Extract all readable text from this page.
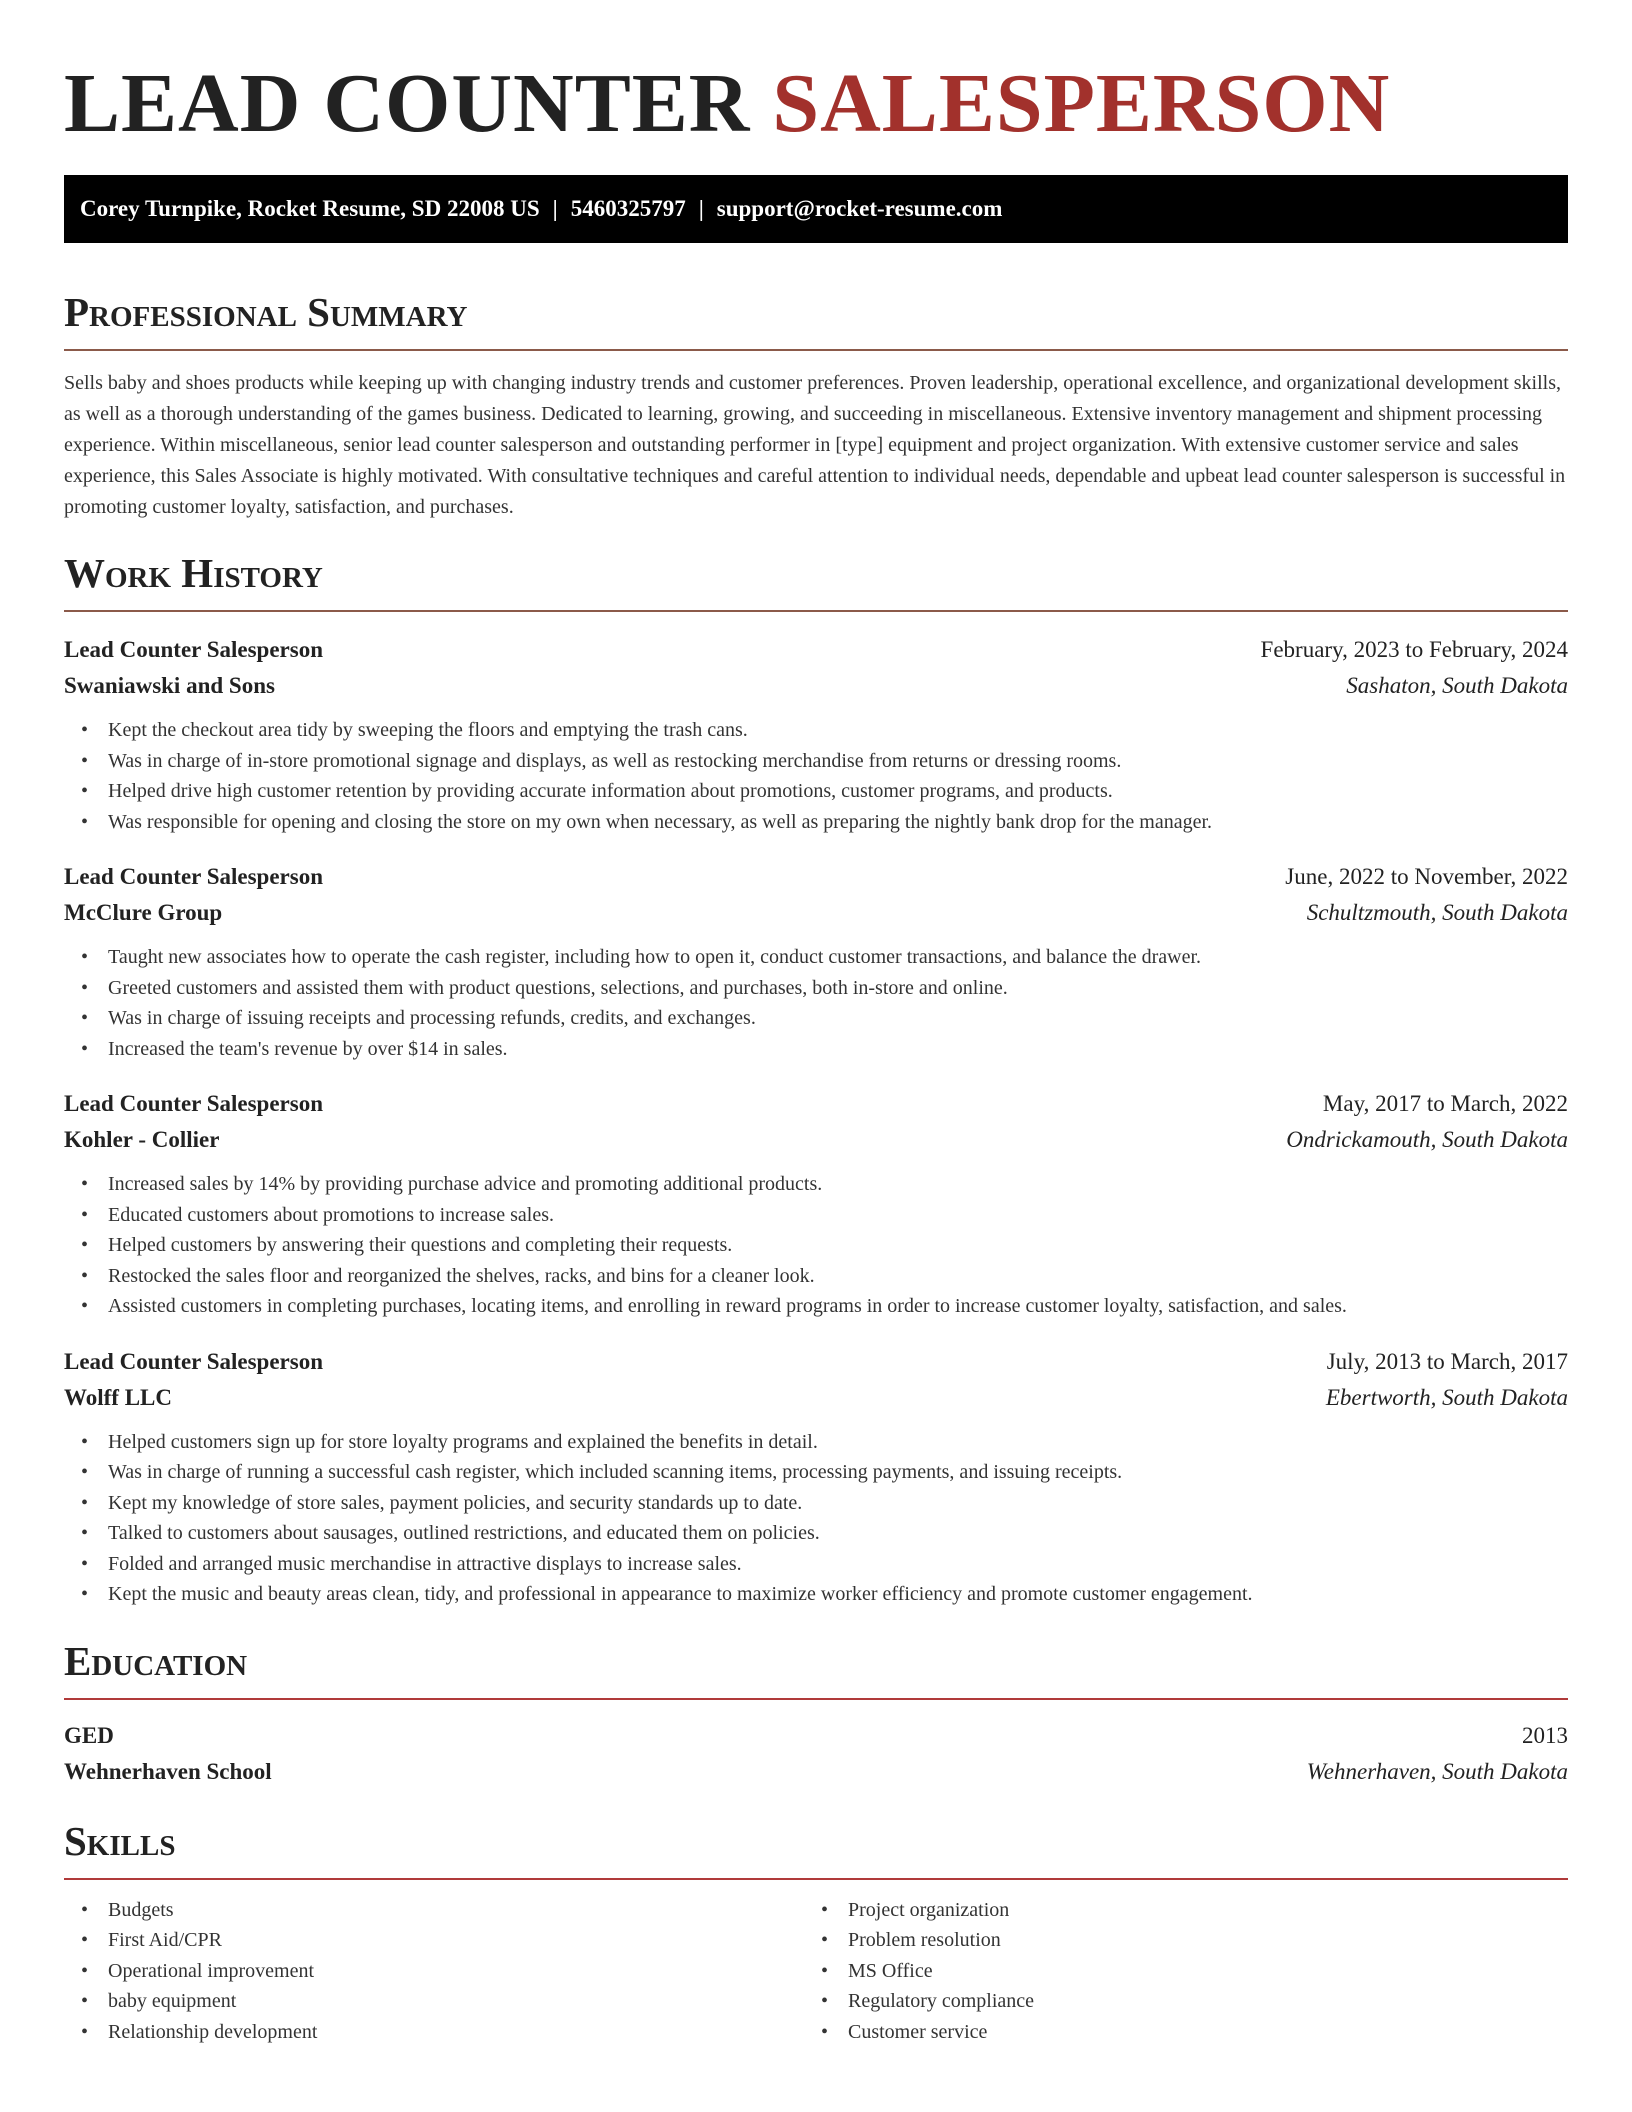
LEAD COUNTER SALESPERSON
Corey Turnpike, Rocket Resume, SD 22008 US | 5460325797 | support@rocket-resume.com
Professional Summary

Sells baby and shoes products while keeping up with changing industry trends and customer preferences. Proven leadership, operational excellence, and organizational development skills, as well as a thorough understanding of the games business. Dedicated to learning, growing, and succeeding in miscellaneous. Extensive inventory management and shipment processing experience. Within miscellaneous, senior lead counter salesperson and outstanding performer in [type] equipment and project organization. With extensive customer service and sales experience, this Sales Associate is highly motivated. With consultative techniques and careful attention to individual needs, dependable and upbeat lead counter salesperson is successful in promoting customer loyalty, satisfaction, and purchases.

Work History
Lead Counter Salesperson	February, 2023 to February, 2024
Swaniawski and Sons	Sashaton, South Dakota
• Kept the checkout area tidy by sweeping the floors and emptying the trash cans.
• Was in charge of in-store promotional signage and displays, as well as restocking merchandise from returns or dressing rooms.
• Helped drive high customer retention by providing accurate information about promotions, customer programs, and products.
• Was responsible for opening and closing the store on my own when necessary, as well as preparing the nightly bank drop for the manager.
Lead Counter Salesperson	June, 2022 to November, 2022
McClure Group	Schultzmouth, South Dakota
• Taught new associates how to operate the cash register, including how to open it, conduct customer transactions, and balance the drawer.
• Greeted customers and assisted them with product questions, selections, and purchases, both in-store and online.
• Was in charge of issuing receipts and processing refunds, credits, and exchanges.
• Increased the team's revenue by over $14 in sales.
Lead Counter Salesperson	May, 2017 to March, 2022
Kohler - Collier	Ondrickamouth, South Dakota
• Increased sales by 14% by providing purchase advice and promoting additional products.
• Educated customers about promotions to increase sales.
• Helped customers by answering their questions and completing their requests.
• Restocked the sales floor and reorganized the shelves, racks, and bins for a cleaner look.
• Assisted customers in completing purchases, locating items, and enrolling in reward programs in order to increase customer loyalty, satisfaction, and sales.
Lead Counter Salesperson	July, 2013 to March, 2017
Wolff LLC	Ebertworth, South Dakota
• Helped customers sign up for store loyalty programs and explained the benefits in detail.
• Was in charge of running a successful cash register, which included scanning items, processing payments, and issuing receipts.
• Kept my knowledge of store sales, payment policies, and security standards up to date.
• Talked to customers about sausages, outlined restrictions, and educated them on policies.
• Folded and arranged music merchandise in attractive displays to increase sales.
• Kept the music and beauty areas clean, tidy, and professional in appearance to maximize worker efficiency and promote customer engagement.
Education
GED	2013
Wehnerhaven School	Wehnerhaven, South Dakota
Skills
• Budgets
• First Aid/CPR
• Operational improvement
• baby equipment
• Relationship development
• Project organization
• Problem resolution
• MS Office
• Regulatory compliance
• Customer service
